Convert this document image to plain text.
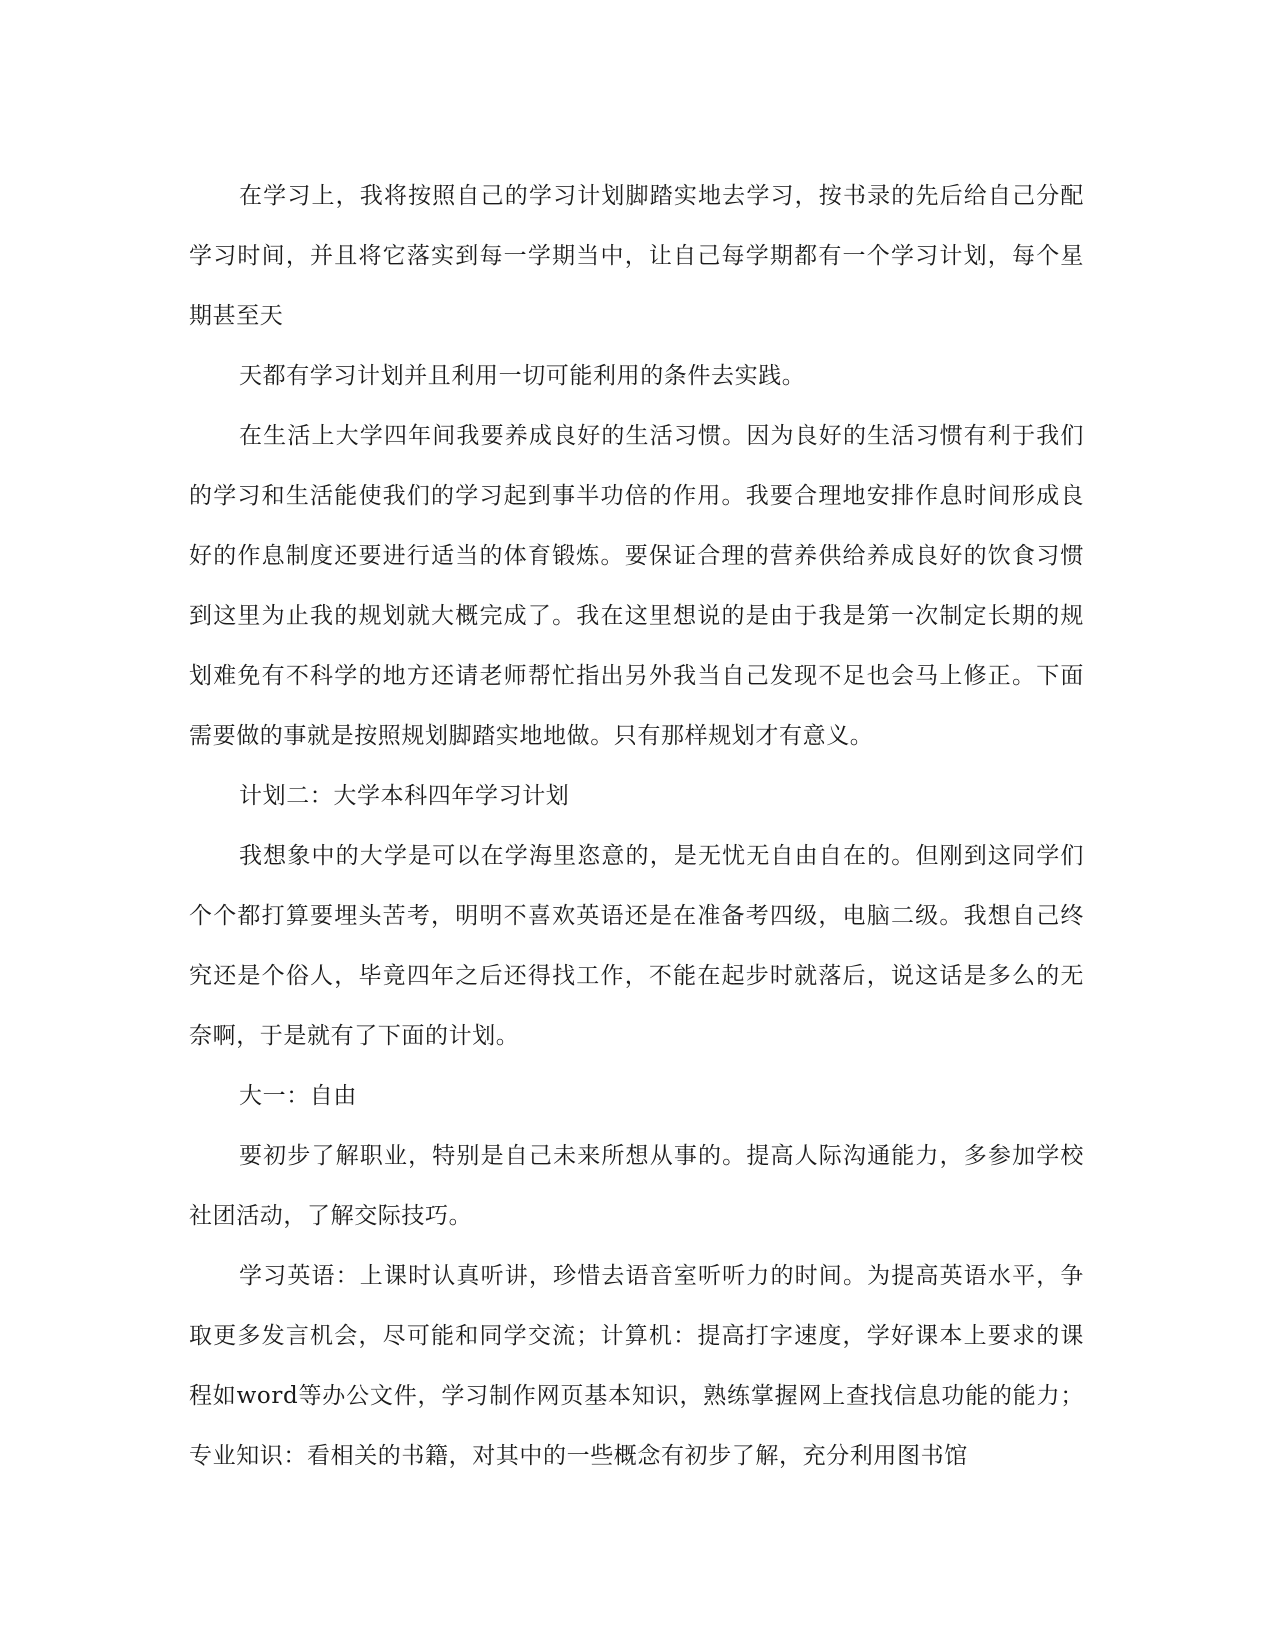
在学习上，我将按照自己的学习计划脚踏实地去学习，按书录的先后给自己分配学习时间，并且将它落实到每一学期当中，让自己每学期都有一个学习计划，每个星期甚至天

天都有学习计划并且利用一切可能利用的条件去实践。

在生活上大学四年间我要养成良好的生活习惯。因为良好的生活习惯有利于我们的学习和生活能使我们的学习起到事半功倍的作用。我要合理地安排作息时间形成良好的作息制度还要进行适当的体育锻炼。要保证合理的营养供给养成良好的饮食习惯到这里为止我的规划就大概完成了。我在这里想说的是由于我是第一次制定长期的规划难免有不科学的地方还请老师帮忙指出另外我当自己发现不足也会马上修正。下面需要做的事就是按照规划脚踏实地地做。只有那样规划才有意义。

计划二：大学本科四年学习计划

我想象中的大学是可以在学海里恣意的，是无忧无自由自在的。但刚到这同学们个个都打算要埋头苦考，明明不喜欢英语还是在准备考四级，电脑二级。我想自己终究还是个俗人，毕竟四年之后还得找工作，不能在起步时就落后，说这话是多么的无奈啊，于是就有了下面的计划。

大一：自由

要初步了解职业，特别是自己未来所想从事的。提高人际沟通能力，多参加学校社团活动，了解交际技巧。

学习英语：上课时认真听讲，珍惜去语音室听听力的时间。为提高英语水平，争取更多发言机会，尽可能和同学交流；计算机：提高打字速度，学好课本上要求的课程如word等办公文件，学习制作网页基本知识，熟练掌握网上查找信息功能的能力；专业知识：看相关的书籍，对其中的一些概念有初步了解，充分利用图书馆
